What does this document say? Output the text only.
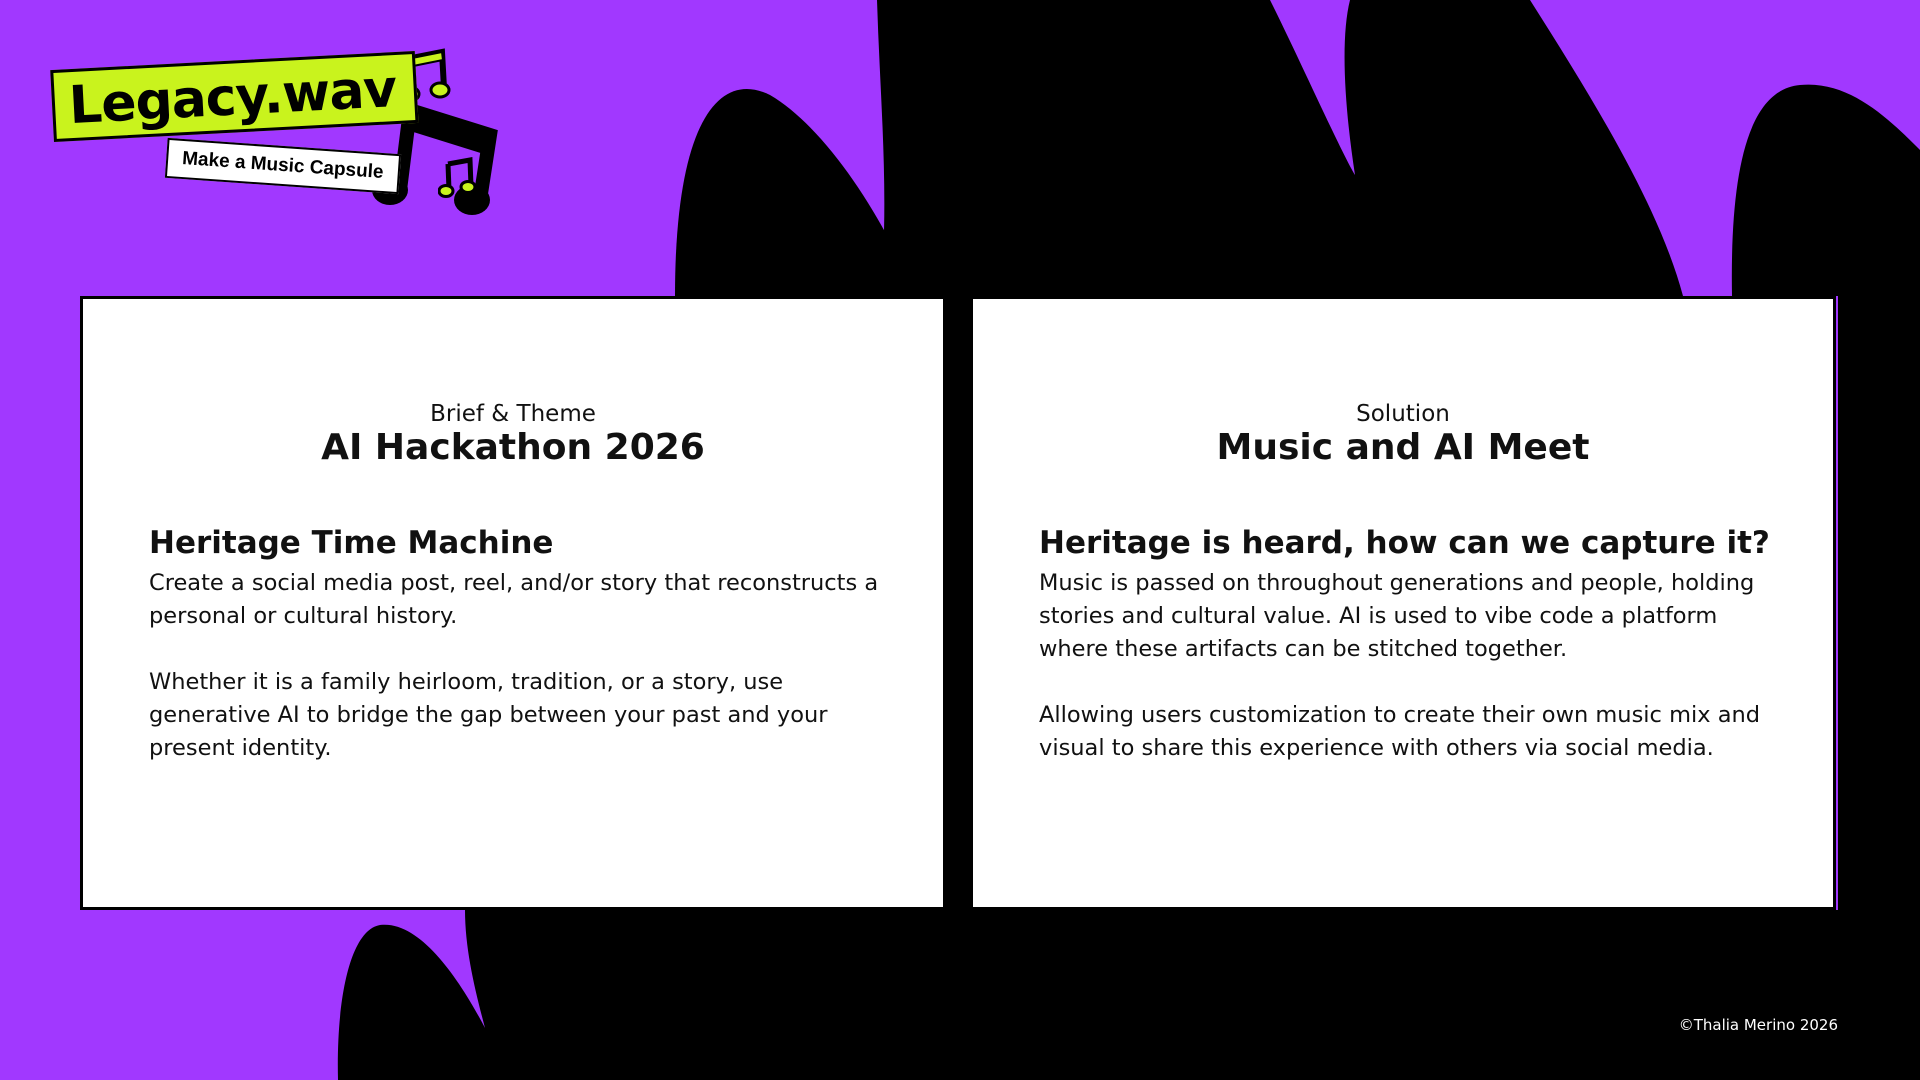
Legacy.wav
Make a Music Capsule
Brief & Theme
AI Hackathon 2026
Heritage Time Machine

Create a social media post, reel, and/or story that reconstructs a personal or cultural history.

Whether it is a family heirloom, tradition, or a story, use generative AI to bridge the gap between your past and your present identity.

Solution
Music and AI Meet
Heritage is heard, how can we capture it?

Music is passed on throughout generations and people, holding stories and cultural value. AI is used to vibe code a platform where these artifacts can be stitched together.

Allowing users customization to create their own music mix and visual to share this experience with others via social media.

©Thalia Merino 2026
